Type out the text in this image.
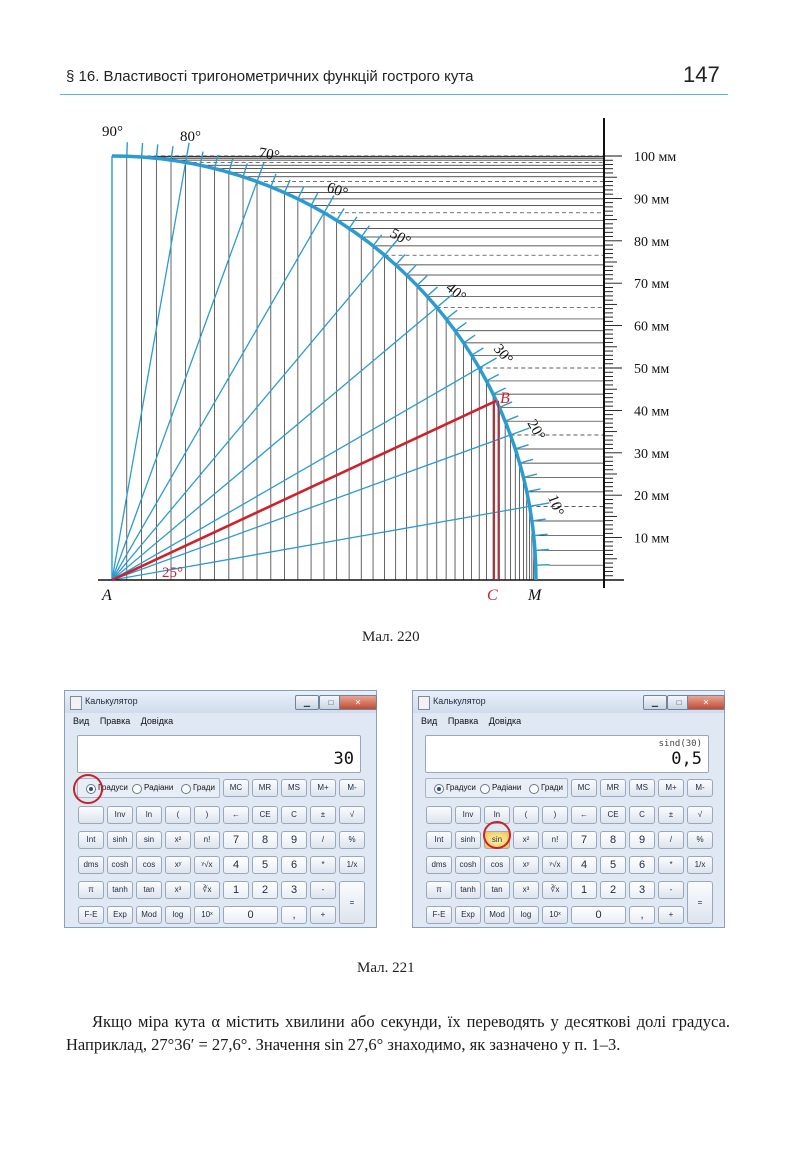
§ 16. Властивості тригонометричних функцій гострого кута	147
10 мм
20 мм
30 мм
40 мм
50 мм
60 мм
70 мм
80 мм
90 мм
100 мм
10°
20°
30°
40°
50°
60°
70°
80°
90°
25°
A
B
C M
Мал. 220
Калькулятор	▁	□	✕
Вид Правка Довідка
30
Градуси	Радіани	Гради	MC	MR	MS	M+	M-
Inv	ln	(	)	←	CE	C	±	√
Int	sinh	sin	x²	n!	7	8	9	/	%
dms	cosh	cos	xʸ	ʸ√x	4	5	6	*	1/x
π	tanh	tan	x³	∛x	1	2	3	-
=
F-E	Exp	Mod	log	10ˣ	0	,	+
Калькулятор	▁	□	✕
Вид Правка Довідка
sind(30)
0,5
Градуси	Радіани	Гради	MC	MR	MS	M+	M-
Inv	ln	(	)	←	CE	C	±	√
Int	sinh	sin	x²	n!	7	8	9	/	%
dms	cosh	cos	xʸ	ʸ√x	4	5	6	*	1/x
π	tanh	tan	x³	∛x	1	2	3	-
=
F-E	Exp	Mod	log	10ˣ	0	,	+
Мал. 221

Якщо міра кута α містить хвилини або секунди, їх переводять у десяткові долі градуса. Наприклад, 27°36′ = 27,6°. Значення sin 27,6° знаходимо, як зазначено у п. 1–3.
